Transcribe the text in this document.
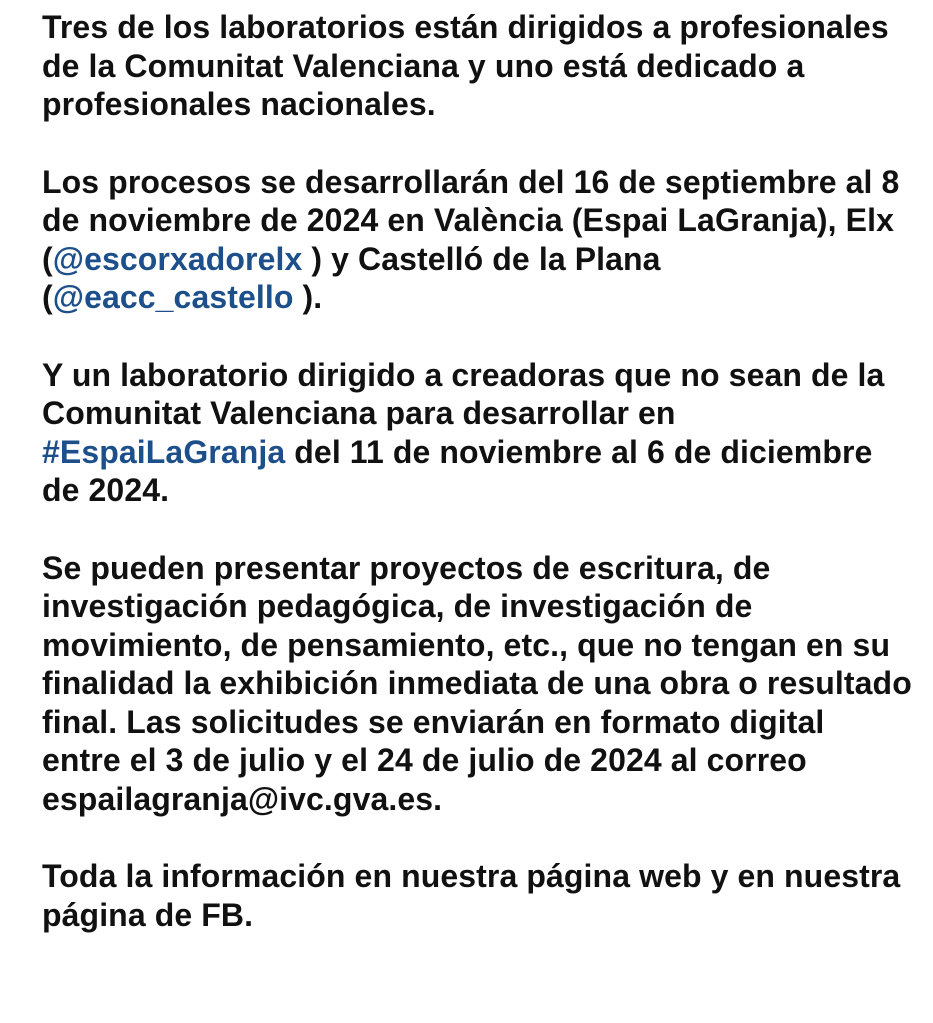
Tres de los laboratorios están dirigidos a profesionales de la Comunitat Valenciana y uno está dedicado a profesionales nacionales.

Los procesos se desarrollarán del 16 de septiembre al 8 de noviembre de 2024 en València (Espai LaGranja), Elx (@escorxadorelx ) y Castelló de la Plana (@eacc_castello ).

Y un laboratorio dirigido a creadoras que no sean de la Comunitat Valenciana para desarrollar en #EspaiLaGranja del 11 de noviembre al 6 de diciembre de 2024.

Se pueden presentar proyectos de escritura, de investigación pedagógica, de investigación de movimiento, de pensamiento, etc., que no tengan en su finalidad la exhibición inmediata de una obra o resultado final. Las solicitudes se enviarán en formato digital entre el 3 de julio y el 24 de julio de 2024 al correo espailagranja@ivc.gva.es.

Toda la información en nuestra página web y en nuestra página de FB.
